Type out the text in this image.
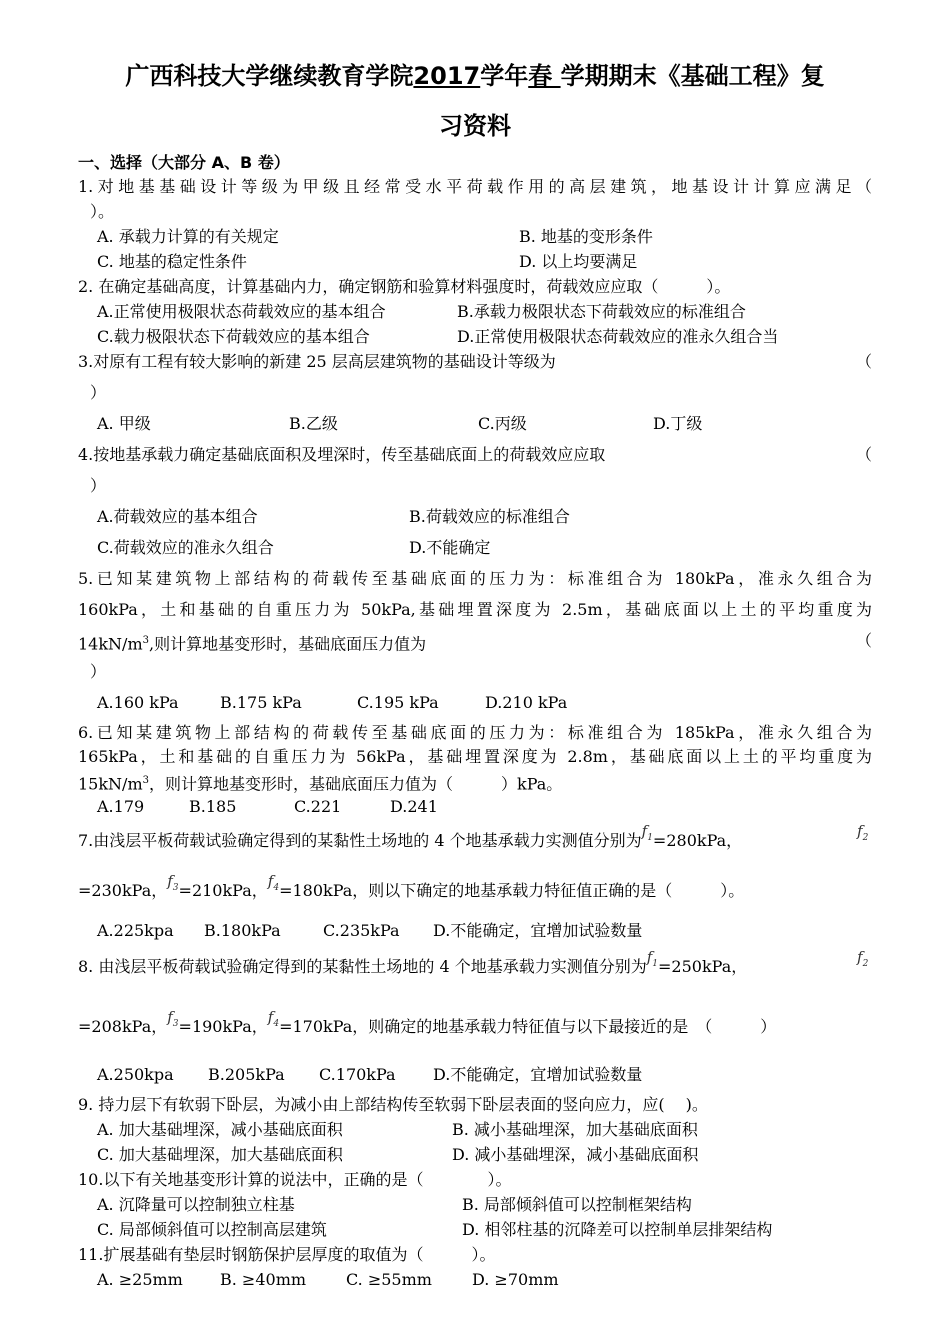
广西科技大学继续教育学院2017学年春 学期期末《基础工程》复
习资料
一、选择（大部分 A、B 卷）
1.对地基基础设计等级为甲级且经常受水平荷载作用的高层建筑，地基设计计算应满足（
）。
A. 承载力计算的有关规定	B. 地基的变形条件
C. 地基的稳定性条件	D. 以上均要满足
2. 在确定基础高度，计算基础内力，确定钢筋和验算材料强度时，荷载效应应取（　　　）。
A.正常使用极限状态荷载效应的基本组合	B.承载力极限状态下荷载效应的标准组合
C.载力极限状态下荷载效应的基本组合	D.正常使用极限状态荷载效应的准永久组合当
3.对原有工程有较大影响的新建 25 层高层建筑物的基础设计等级为	（
）
A. 甲级	B.乙级	C.丙级	D.丁级
4.按地基承载力确定基础底面积及埋深时，传至基础底面上的荷载效应应取	（
）
A.荷载效应的基本组合	B.荷载效应的标准组合
C.荷载效应的准永久组合	D.不能确定
5.已知某建筑物上部结构的荷载传至基础底面的压力为：标准组合为 180kPa，准永久组合为
160kPa，土和基础的自重压力为 50kPa,基础埋置深度为 2.5m，基础底面以上土的平均重度为
$14kN/m^3$,则计算地基变形时，基础底面压力值为	（
）
A.160 kPa	B.175 kPa	C.195 kPa	D.210 kPa
6.已知某建筑物上部结构的荷载传至基础底面的压力为：标准组合为 185kPa，准永久组合为
165kPa，土和基础的自重压力为 56kPa，基础埋置深度为 2.8m，基础底面以上土的平均重度为
$15kN/m^3$，则计算地基变形时，基础底面压力值为（　　　）kPa。
A.179	B.185	C.221	D.241
7.由浅层平板荷载试验确定得到的某黏性土场地的 4 个地基承载力实测值分别为$f_1=280kPa$，	$f_2$
=230kPa，$f_3=210kPa$，$f_4=180kPa$，则以下确定的地基承载力特征值正确的是（　　　）。
A.225kpa B.180kPa	C.235kPa D.不能确定，宜增加试验数量
8. 由浅层平板荷载试验确定得到的某黏性土场地的 4 个地基承载力实测值分别为$f_1=250kPa$，	$f_2$
=208kPa，$f_3=190kPa$，$f_4=170kPa$，则确定的地基承载力特征值与以下最接近的是　（　　　）
A.250kpa B.205kPa C.170kPa D.不能确定，宜增加试验数量
9. 持力层下有软弱下卧层，为减小由上部结构传至软弱下卧层表面的竖向应力，应(　 )。
A. 加大基础埋深，减小基础底面积	B. 减小基础埋深，加大基础底面积
C. 加大基础埋深，加大基础底面积	D. 减小基础埋深，减小基础底面积
10.以下有关地基变形计算的说法中，正确的是（　　　　）。
A. 沉降量可以控制独立柱基	B. 局部倾斜值可以控制框架结构
C. 局部倾斜值可以控制高层建筑	D. 相邻柱基的沉降差可以控制单层排架结构
11.扩展基础有垫层时钢筋保护层厚度的取值为（　　　）。
A. ≥25mm B. ≥40mm C. ≥55mm	D. ≥70mm
